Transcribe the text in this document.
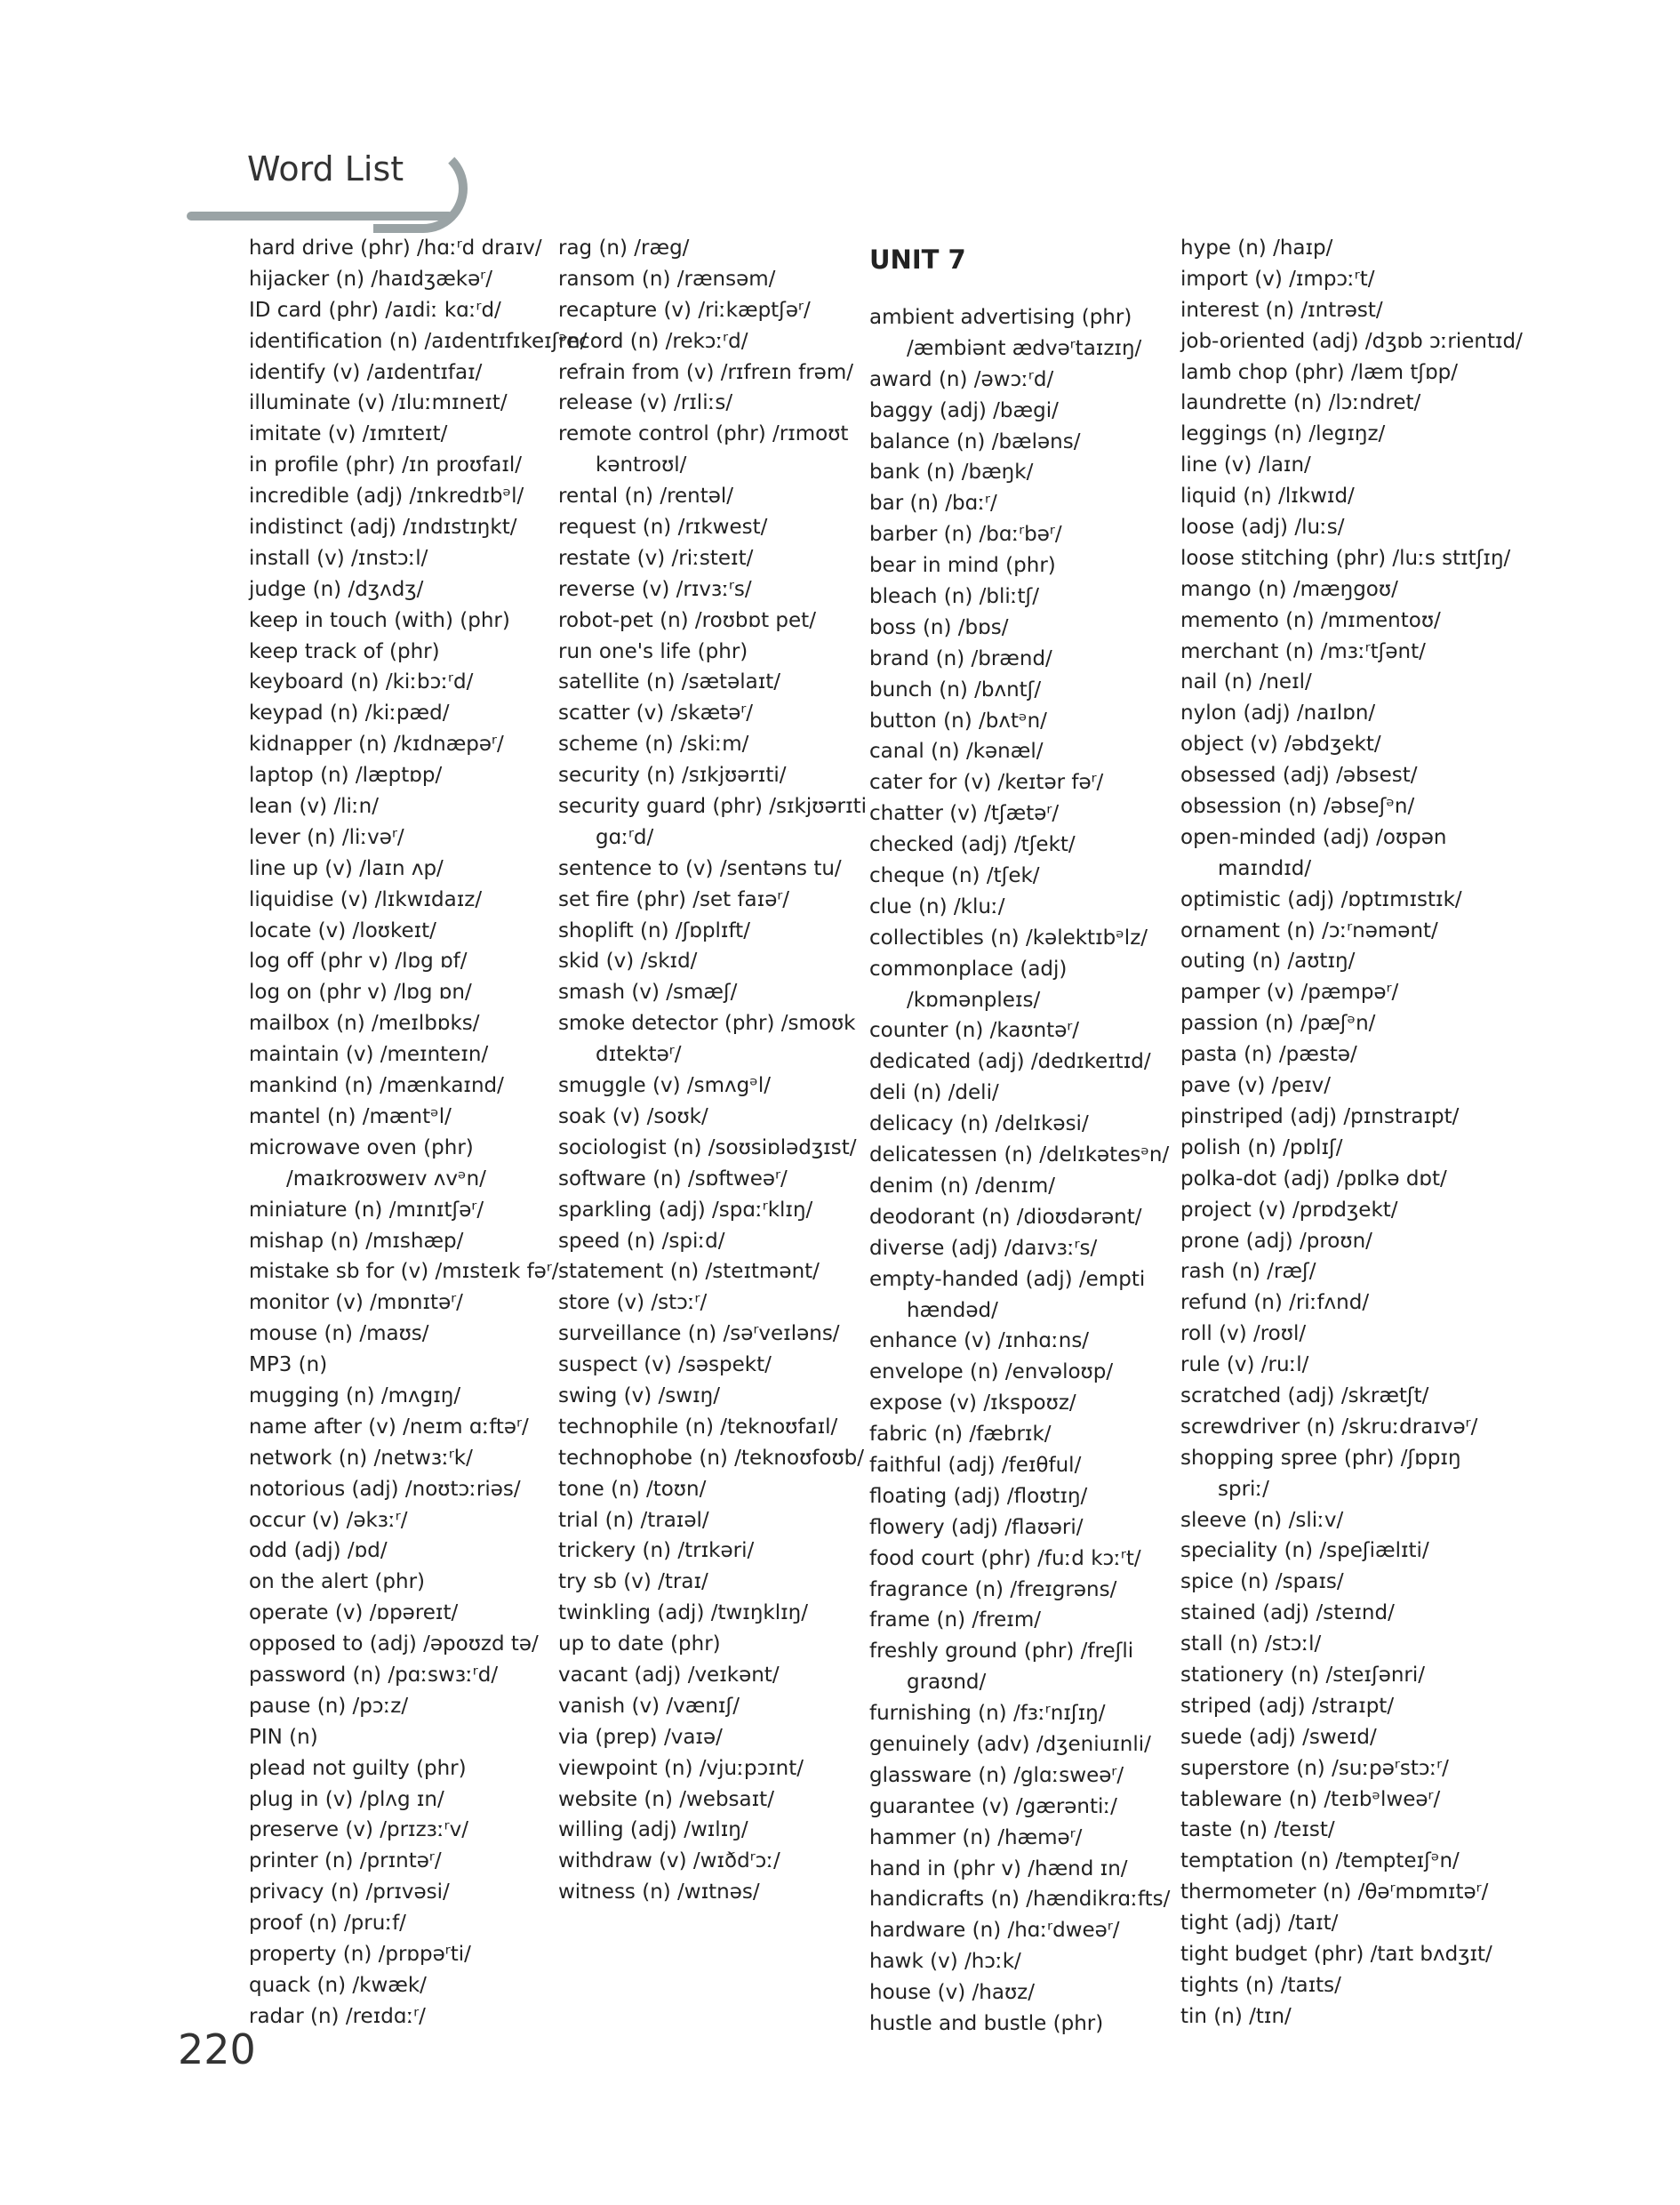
Word List
hard drive (phr) /hɑːʳd draɪv/
hijacker (n) /haɪdʒækəʳ/
ID card (phr) /aɪdiː kɑːʳd/
identification (n) /aɪdentɪfɪkeɪʃᵊn/
identify (v) /aɪdentɪfaɪ/
illuminate (v) /ɪluːmɪneɪt/
imitate (v) /ɪmɪteɪt/
in profile (phr) /ɪn proʊfaɪl/
incredible (adj) /ɪnkredɪbᵊl/
indistinct (adj) /ɪndɪstɪŋkt/
install (v) /ɪnstɔːl/
judge (n) /dʒʌdʒ/
keep in touch (with) (phr)
keep track of (phr)
keyboard (n) /kiːbɔːʳd/
keypad (n) /kiːpæd/
kidnapper (n) /kɪdnæpəʳ/
laptop (n) /læptɒp/
lean (v) /liːn/
lever (n) /liːvəʳ/
line up (v) /laɪn ʌp/
liquidise (v) /lɪkwɪdaɪz/
locate (v) /loʊkeɪt/
log off (phr v) /lɒg ɒf/
log on (phr v) /lɒg ɒn/
mailbox (n) /meɪlbɒks/
maintain (v) /meɪnteɪn/
mankind (n) /mænkaɪnd/
mantel (n) /mæntᵊl/
microwave oven (phr)
/maɪkroʊweɪv ʌvᵊn/
miniature (n) /mɪnɪtʃəʳ/
mishap (n) /mɪshæp/
mistake sb for (v) /mɪsteɪk fəʳ/
monitor (v) /mɒnɪtəʳ/
mouse (n) /maʊs/
MP3 (n)
mugging (n) /mʌgɪŋ/
name after (v) /neɪm ɑːftəʳ/
network (n) /netwɜːʳk/
notorious (adj) /noʊtɔːriəs/
occur (v) /əkɜːʳ/
odd (adj) /ɒd/
on the alert (phr)
operate (v) /ɒpəreɪt/
opposed to (adj) /əpoʊzd tə/
password (n) /pɑːswɜːʳd/
pause (n) /pɔːz/
PIN (n)
plead not guilty (phr)
plug in (v) /plʌg ɪn/
preserve (v) /prɪzɜːʳv/
printer (n) /prɪntəʳ/
privacy (n) /prɪvəsi/
proof (n) /pruːf/
property (n) /prɒpəʳti/
quack (n) /kwæk/
radar (n) /reɪdɑːʳ/
rag (n) /ræg/
ransom (n) /rænsəm/
recapture (v) /riːkæptʃəʳ/
record (n) /rekɔːʳd/
refrain from (v) /rɪfreɪn frəm/
release (v) /rɪliːs/
remote control (phr) /rɪmoʊt
kəntroʊl/
rental (n) /rentəl/
request (n) /rɪkwest/
restate (v) /riːsteɪt/
reverse (v) /rɪvɜːʳs/
robot-pet (n) /roʊbɒt pet/
run one's life (phr)
satellite (n) /sætəlaɪt/
scatter (v) /skætəʳ/
scheme (n) /skiːm/
security (n) /sɪkjʊərɪti/
security guard (phr) /sɪkjʊərɪti
gɑːʳd/
sentence to (v) /sentəns tu/
set fire (phr) /set faɪəʳ/
shoplift (n) /ʃɒplɪft/
skid (v) /skɪd/
smash (v) /smæʃ/
smoke detector (phr) /smoʊk
dɪtektəʳ/
smuggle (v) /smʌgᵊl/
soak (v) /soʊk/
sociologist (n) /soʊsiɒlədʒɪst/
software (n) /sɒftweəʳ/
sparkling (adj) /spɑːʳklɪŋ/
speed (n) /spiːd/
statement (n) /steɪtmənt/
store (v) /stɔːʳ/
surveillance (n) /səʳveɪləns/
suspect (v) /səspekt/
swing (v) /swɪŋ/
technophile (n) /teknoʊfaɪl/
technophobe (n) /teknoʊfoʊb/
tone (n) /toʊn/
trial (n) /traɪəl/
trickery (n) /trɪkəri/
try sb (v) /traɪ/
twinkling (adj) /twɪŋklɪŋ/
up to date (phr)
vacant (adj) /veɪkənt/
vanish (v) /vænɪʃ/
via (prep) /vaɪə/
viewpoint (n) /vjuːpɔɪnt/
website (n) /websaɪt/
willing (adj) /wɪlɪŋ/
withdraw (v) /wɪðdʳɔː/
witness (n) /wɪtnəs/
UNIT 7
ambient advertising (phr)
/æmbiənt ædvəʳtaɪzɪŋ/
award (n) /əwɔːʳd/
baggy (adj) /bægi/
balance (n) /bæləns/
bank (n) /bæŋk/
bar (n) /bɑːʳ/
barber (n) /bɑːʳbəʳ/
bear in mind (phr)
bleach (n) /bliːtʃ/
boss (n) /bɒs/
brand (n) /brænd/
bunch (n) /bʌntʃ/
button (n) /bʌtᵊn/
canal (n) /kənæl/
cater for (v) /keɪtər fəʳ/
chatter (v) /tʃætəʳ/
checked (adj) /tʃekt/
cheque (n) /tʃek/
clue (n) /kluː/
collectibles (n) /kəlektɪbᵊlz/
commonplace (adj)
/kɒmənpleɪs/
counter (n) /kaʊntəʳ/
dedicated (adj) /dedɪkeɪtɪd/
deli (n) /deli/
delicacy (n) /delɪkəsi/
delicatessen (n) /delɪkətesᵊn/
denim (n) /denɪm/
deodorant (n) /dioʊdərənt/
diverse (adj) /daɪvɜːʳs/
empty-handed (adj) /empti
hændəd/
enhance (v) /ɪnhɑːns/
envelope (n) /envəloʊp/
expose (v) /ɪkspoʊz/
fabric (n) /fæbrɪk/
faithful (adj) /feɪθful/
floating (adj) /floʊtɪŋ/
flowery (adj) /flaʊəri/
food court (phr) /fuːd kɔːʳt/
fragrance (n) /freɪgrəns/
frame (n) /freɪm/
freshly ground (phr) /freʃli
graʊnd/
furnishing (n) /fɜːʳnɪʃɪŋ/
genuinely (adv) /dʒeniuɪnli/
glassware (n) /glɑːsweəʳ/
guarantee (v) /gærəntiː/
hammer (n) /hæməʳ/
hand in (phr v) /hænd ɪn/
handicrafts (n) /hændikrɑːfts/
hardware (n) /hɑːʳdweəʳ/
hawk (v) /hɔːk/
house (v) /haʊz/
hustle and bustle (phr)
hype (n) /haɪp/
import (v) /ɪmpɔːʳt/
interest (n) /ɪntrəst/
job-oriented (adj) /dʒɒb ɔːrientɪd/
lamb chop (phr) /læm tʃɒp/
laundrette (n) /lɔːndret/
leggings (n) /legɪŋz/
line (v) /laɪn/
liquid (n) /lɪkwɪd/
loose (adj) /luːs/
loose stitching (phr) /luːs stɪtʃɪŋ/
mango (n) /mæŋgoʊ/
memento (n) /mɪmentoʊ/
merchant (n) /mɜːʳtʃənt/
nail (n) /neɪl/
nylon (adj) /naɪlɒn/
object (v) /əbdʒekt/
obsessed (adj) /əbsest/
obsession (n) /əbseʃᵊn/
open-minded (adj) /oʊpən
maɪndɪd/
optimistic (adj) /ɒptɪmɪstɪk/
ornament (n) /ɔːʳnəmənt/
outing (n) /aʊtɪŋ/
pamper (v) /pæmpəʳ/
passion (n) /pæʃᵊn/
pasta (n) /pæstə/
pave (v) /peɪv/
pinstriped (adj) /pɪnstraɪpt/
polish (n) /pɒlɪʃ/
polka-dot (adj) /pɒlkə dɒt/
project (v) /prɒdʒekt/
prone (adj) /proʊn/
rash (n) /ræʃ/
refund (n) /riːfʌnd/
roll (v) /roʊl/
rule (v) /ruːl/
scratched (adj) /skrætʃt/
screwdriver (n) /skruːdraɪvəʳ/
shopping spree (phr) /ʃɒpɪŋ
spriː/
sleeve (n) /sliːv/
speciality (n) /speʃiælɪti/
spice (n) /spaɪs/
stained (adj) /steɪnd/
stall (n) /stɔːl/
stationery (n) /steɪʃənri/
striped (adj) /straɪpt/
suede (adj) /sweɪd/
superstore (n) /suːpəʳstɔːʳ/
tableware (n) /teɪbᵊlweəʳ/
taste (n) /teɪst/
temptation (n) /tempteɪʃᵊn/
thermometer (n) /θəʳmɒmɪtəʳ/
tight (adj) /taɪt/
tight budget (phr) /taɪt bʌdʒɪt/
tights (n) /taɪts/
tin (n) /tɪn/
220
